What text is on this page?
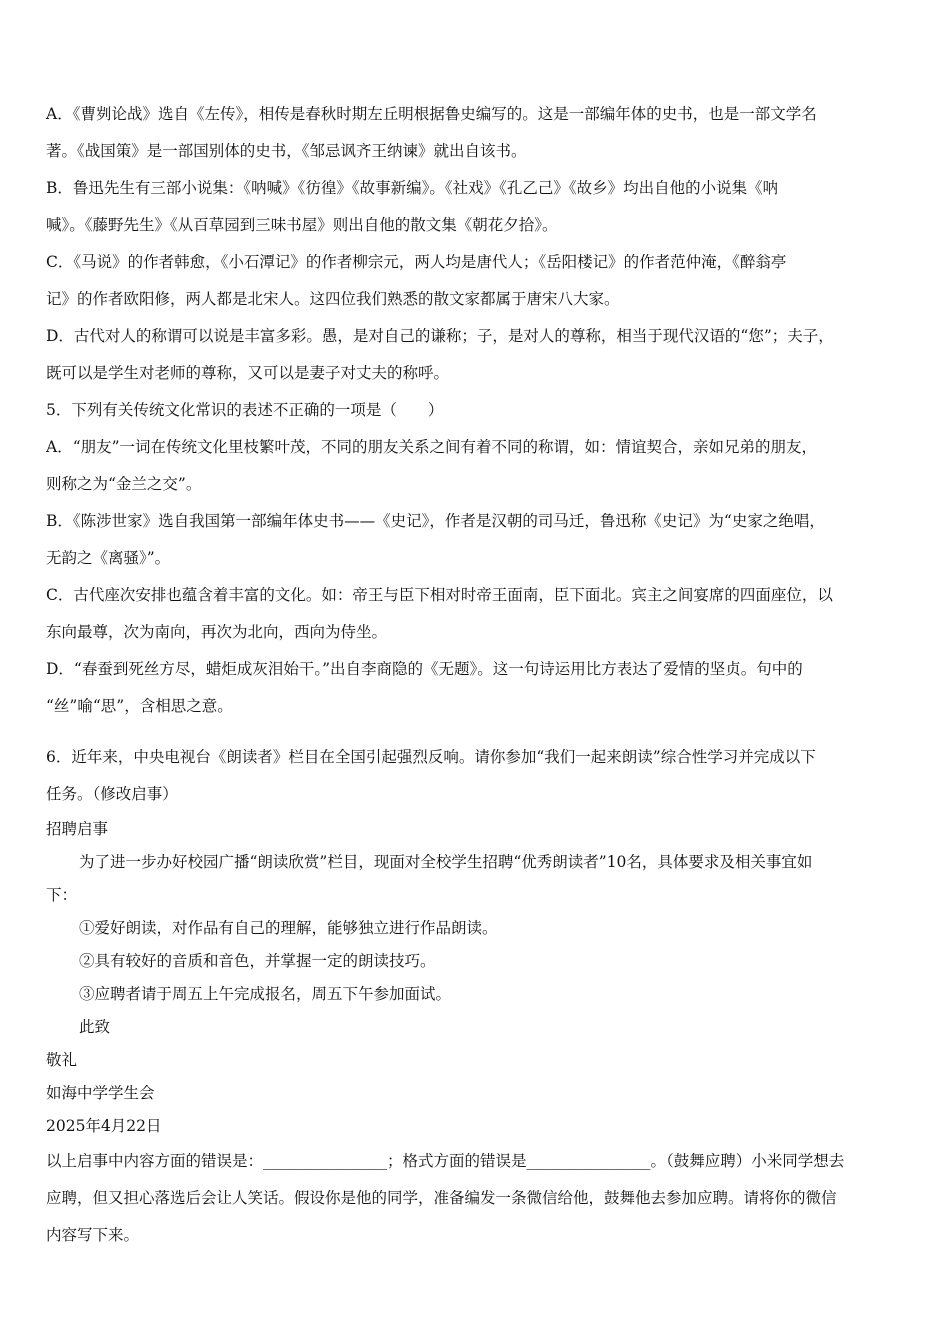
A．《曹刿论战》选自《左传》，相传是春秋时期左丘明根据鲁史编写的。这是一部编年体的史书，也是一部文学名

著。《战国策》是一部国别体的史书，《邹忌讽齐王纳谏》就出自该书。

B．鲁迅先生有三部小说集：《呐喊》《彷徨》《故事新编》。《社戏》《孔乙己》《故乡》均出自他的小说集《呐

喊》。《藤野先生》《从百草园到三味书屋》则出自他的散文集《朝花夕拾》。

C．《马说》的作者韩愈，《小石潭记》的作者柳宗元，两人均是唐代人；《岳阳楼记》的作者范仲淹，《醉翁亭

记》的作者欧阳修，两人都是北宋人。这四位我们熟悉的散文家都属于唐宋八大家。

D．古代对人的称谓可以说是丰富多彩。愚，是对自己的谦称；子，是对人的尊称，相当于现代汉语的“您”；夫子，

既可以是学生对老师的尊称，又可以是妻子对丈夫的称呼。

5．下列有关传统文化常识的表述不正确的一项是（　　）

A．“朋友”一词在传统文化里枝繁叶茂，不同的朋友关系之间有着不同的称谓，如：情谊契合，亲如兄弟的朋友，

则称之为“金兰之交”。

B．《陈涉世家》选自我国第一部编年体史书——《史记》，作者是汉朝的司马迁，鲁迅称《史记》为“史家之绝唱，

无韵之《离骚》”。

C．古代座次安排也蕴含着丰富的文化。如：帝王与臣下相对时帝王面南，臣下面北。宾主之间宴席的四面座位，以

东向最尊，次为南向，再次为北向，西向为侍坐。

D．“春蚕到死丝方尽，蜡炬成灰泪始干。”出自李商隐的《无题》。这一句诗运用比方表达了爱情的坚贞。句中的

“丝”喻“思”，含相思之意。

6．近年来，中央电视台《朗读者》栏目在全国引起强烈反响。请你参加“我们一起来朗读”综合性学习并完成以下

任务。（修改启事）

招聘启事

为了进一步办好校园广播“朗读欣赏”栏目，现面对全校学生招聘“优秀朗读者”10名，具体要求及相关事宜如

下：

①爱好朗读，对作品有自己的理解，能够独立进行作品朗读。

②具有较好的音质和音色，并掌握一定的朗读技巧。

③应聘者请于周五上午完成报名，周五下午参加面试。

此致

敬礼

如海中学学生会

2025年4月22日

以上启事中内容方面的错误是：________________；格式方面的错误是________________。（鼓舞应聘）小米同学想去

应聘，但又担心落选后会让人笑话。假设你是他的同学，准备编发一条微信给他，鼓舞他去参加应聘。请将你的微信

内容写下来。
